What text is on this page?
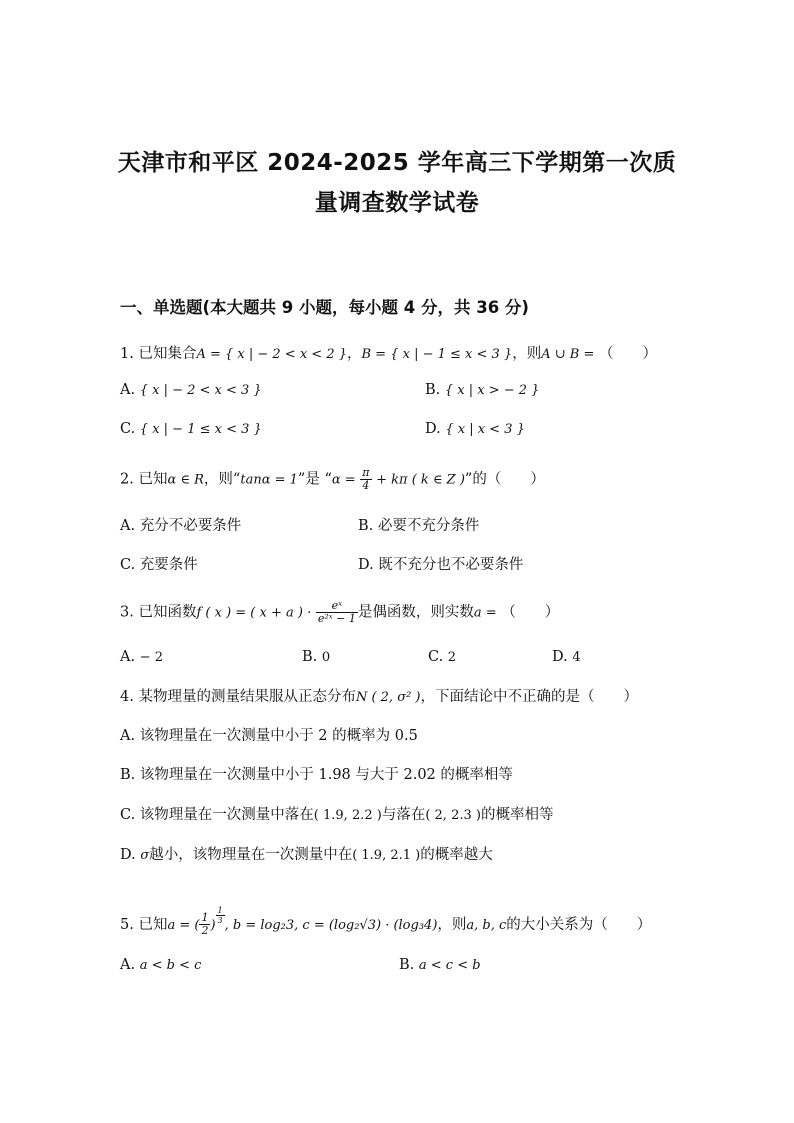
天津市和平区 2024-2025 学年高三下学期第一次质
量调查数学试卷
一、单选题(本大题共 9 小题，每小题 4 分，共 36 分)
1. 已知集合A = { x | − 2 < x < 2 }，B = { x | − 1 ≤ x < 3 }，则A ∪ B = （　　）
A. { x | − 2 < x < 3 }	B. { x | x > − 2 }
C. { x | − 1 ≤ x < 3 }	D. { x | x < 3 }
2. 已知α ∈ R，则“tanα = 1”是 “$\alpha = \frac{\pi}{4} + k\pi$ ( k ∈ Z )”的（　　）
A. 充分不必要条件	B. 必要不充分条件
C. 充要条件	D. 既不充分也不必要条件
3. 已知函数f ( x ) = ( x + a ) · $\frac{\text{eˣ}}{\text{e²ˣ − 1}}$ 是偶函数，则实数a = （　　）
A. − 2	B. 0	C. 2	D. 4
4. 某物理量的测量结果服从正态分布N ( 2, σ² )，下面结论中不正确的是（　　）
A. 该物理量在一次测量中小于 2 的概率为 0.5
B. 该物理量在一次测量中小于 1.98 与大于 2.02 的概率相等
C. 该物理量在一次测量中落在( 1.9, 2.2 )与落在( 2, 2.3 )的概率相等
D. σ越小，该物理量在一次测量中在( 1.9, 2.1 )的概率越大
5. 已知a = ( $\frac{1}{2}$ )
$\frac{1}{3}$
, b = log₂3, c = (log₂√3) · (log₃4)，则a, b, c的大小关系为（　　）
A. a < b < c	B. a < c < b
